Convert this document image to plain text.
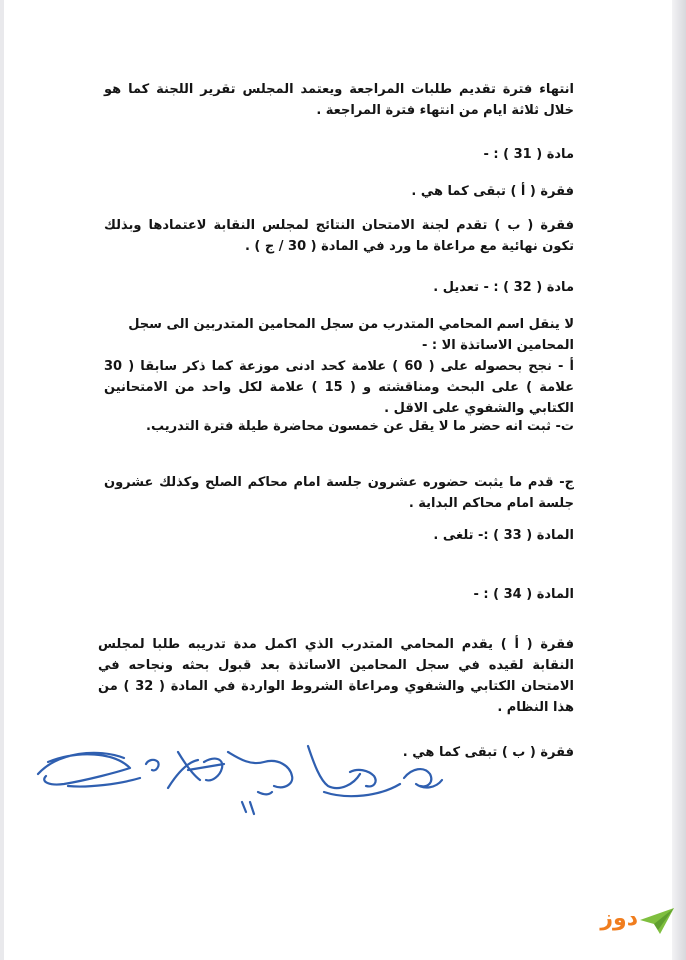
انتهاء فترة تقديم طلبات المراجعة ويعتمد المجلس تقرير اللجنة كما هو خلال ثلاثة ايام من انتهاء فترة المراجعة .

مادة ( 31 ) : -

فقرة ( أ ) تبقى كما هي .

فقرة ( ب ) تقدم لجنة الامتحان النتائج لمجلس النقابة لاعتمادها وبذلك تكون نهائية مع مراعاة ما ورد في المادة ( 30 / ج ) .

مادة ( 32 ) : - تعديل .

لا ينقل اسم المحامي المتدرب من سجل المحامين المتدربين الى سجل المحامين الاساتذة الا : -

أ - نجح بحصوله على ( 60 ) علامة كحد ادنى موزعة كما ذكر سابقا ( 30 علامة ) على البحث ومناقشته و ( 15 ) علامة لكل واحد من الامتحانين الكتابي والشفوي على الاقل .

ت- ثبت انه حضر ما لا يقل عن خمسون محاضرة طيلة فترة التدريب.

ج- قدم ما يثبت حضوره عشرون جلسة امام محاكم الصلح وكذلك عشرون جلسة امام محاكم البداية .

المادة ( 33 ) :- تلغى .

المادة ( 34 ) : -

فقرة ( أ ) يقدم المحامي المتدرب الذي اكمل مدة تدريبه طلبا لمجلس النقابة لقيده في سجل المحامين الاساتذة بعد قبول بحثه ونجاحه في الامتحان الكتابي والشفوي ومراعاة الشروط الواردة في المادة ( 32 ) من هذا النظام .

فقرة ( ب ) تبقى كما هي .

دوز
